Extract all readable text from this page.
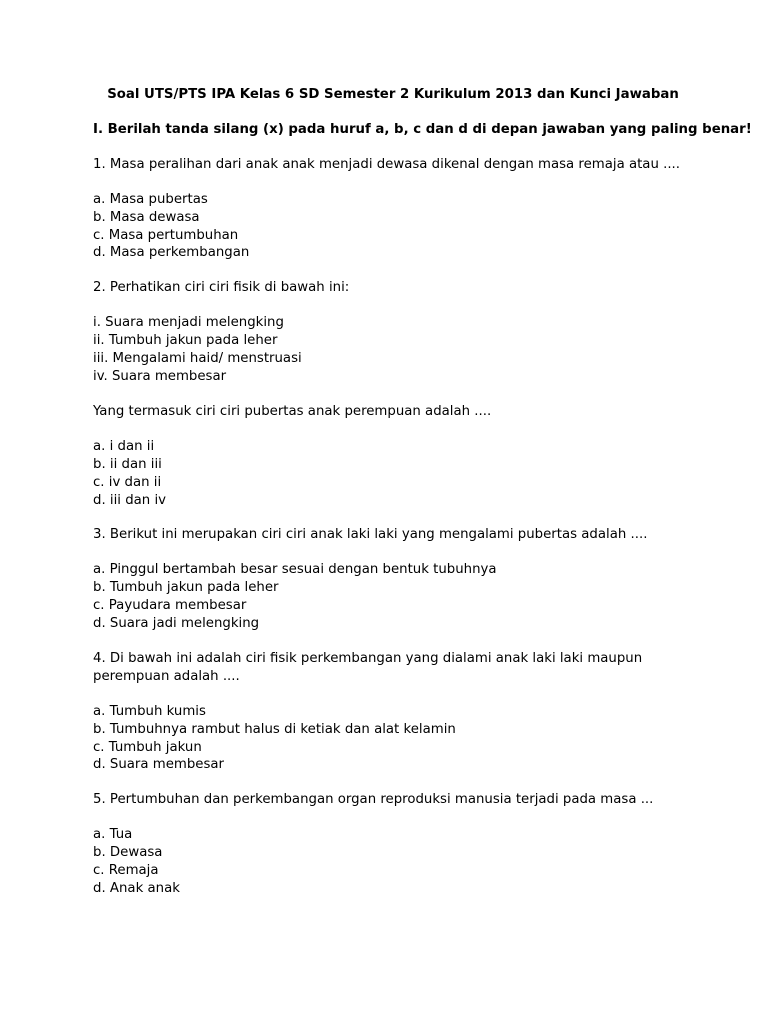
Soal UTS/PTS IPA Kelas 6 SD Semester 2 Kurikulum 2013 dan Kunci Jawaban
I. Berilah tanda silang (x) pada huruf a, b, c dan d di depan jawaban yang paling benar!
1. Masa peralihan dari anak anak menjadi dewasa dikenal dengan masa remaja atau ....
a. Masa pubertas
b. Masa dewasa
c. Masa pertumbuhan
d. Masa perkembangan
2. Perhatikan ciri ciri fisik di bawah ini:
i. Suara menjadi melengking
ii. Tumbuh jakun pada leher
iii. Mengalami haid/ menstruasi
iv. Suara membesar
Yang termasuk ciri ciri pubertas anak perempuan adalah ....
a. i dan ii
b. ii dan iii
c. iv dan ii
d. iii dan iv
3. Berikut ini merupakan ciri ciri anak laki laki yang mengalami pubertas adalah ....
a. Pinggul bertambah besar sesuai dengan bentuk tubuhnya
b. Tumbuh jakun pada leher
c. Payudara membesar
d. Suara jadi melengking
4. Di bawah ini adalah ciri fisik perkembangan yang dialami anak laki laki maupun
perempuan adalah ....
a. Tumbuh kumis
b. Tumbuhnya rambut halus di ketiak dan alat kelamin
c. Tumbuh jakun
d. Suara membesar
5. Pertumbuhan dan perkembangan organ reproduksi manusia terjadi pada masa ...
a. Tua
b. Dewasa
c. Remaja
d. Anak anak
